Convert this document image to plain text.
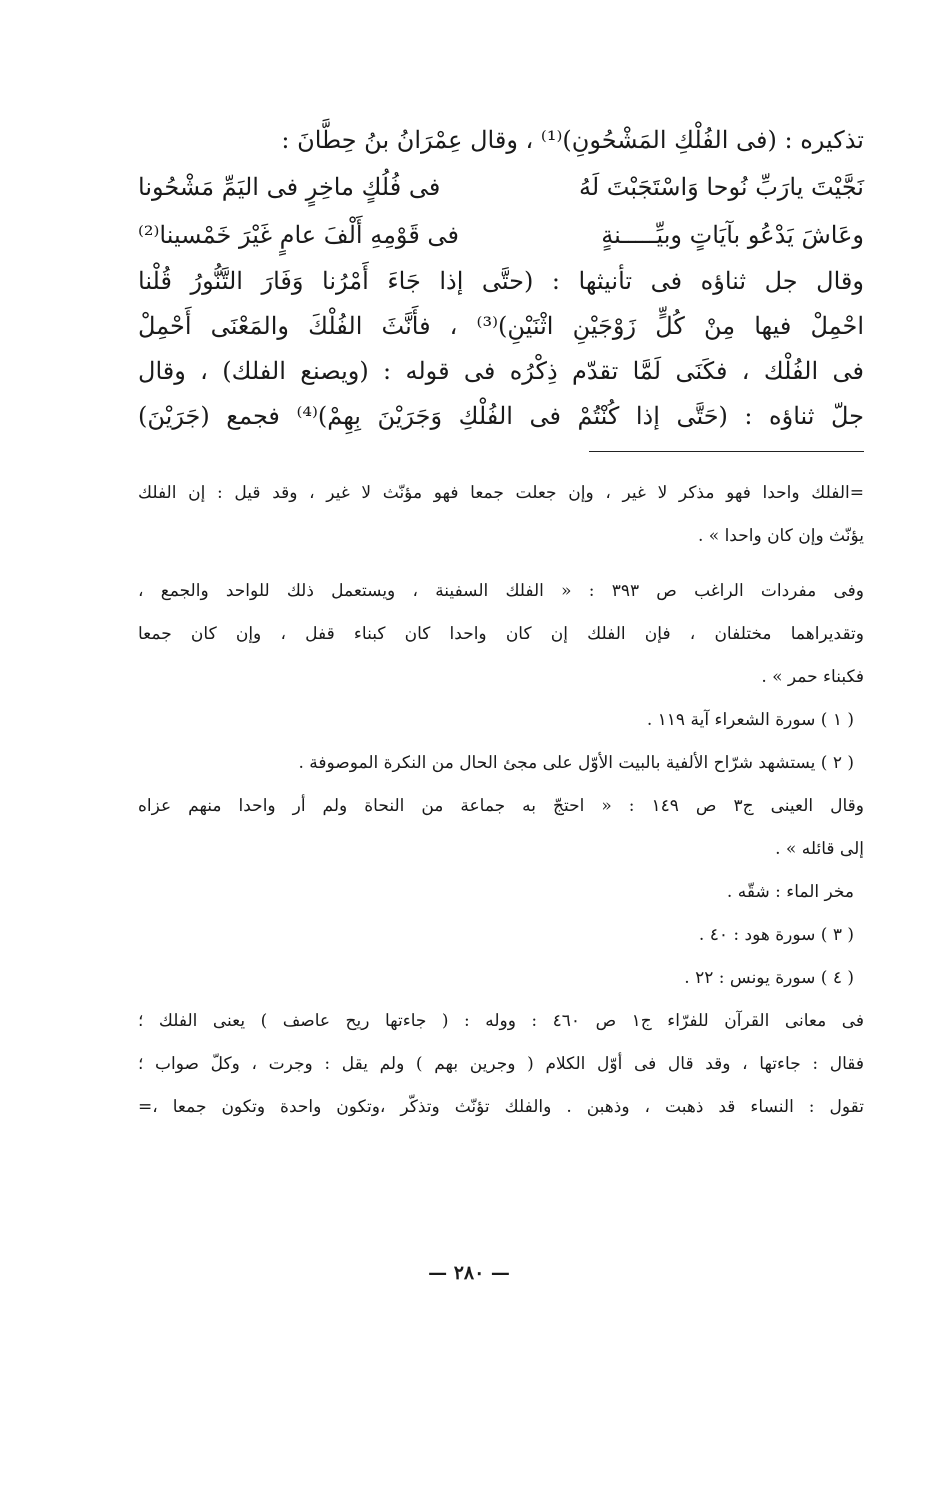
تذكيره : (فى الفُلْكِ المَشْحُونِ)⁽¹⁾ ، وقال عِمْرَانُ بنُ حِطَّانَ :
نَجَّيْتَ يارَبِّ نُوحا وَاسْتَجَبْتَ لَهُ
فى فُلُكٍ ماخِرٍ فى اليَمِّ مَشْحُونا
وعَاشَ يَدْعُو بآيَاتٍ وبيِّـــــنةٍ
فى قَوْمِهِ أَلْفَ عامٍ غَيْرَ خَمْسينا⁽²⁾
وقال جل ثناؤه فى تأنيثها : (حتَّى إذا جَاءَ أَمْرُنا وَفَارَ التَّنُّورُ قُلْنا
احْمِلْ فيها مِنْ كُلٍّ زَوْجَيْنِ اثْنَيْنِ)⁽³⁾ ، فأَنَّثَ الفُلْكَ والمَعْنَى أَحْمِلْ
فى الفُلْك ، فكَنَى لَمَّا تقدّم ذِكْرُه فى قوله : (ويصنع الفلك) ، وقال
جلّ ثناؤه : (حَتَّى إذا كُنْتُمْ فى الفُلْكِ وَجَرَيْنَ بِهِمْ)⁽⁴⁾ فجمع (جَرَيْنَ)
=الفلك واحدا فهو مذكر لا غير ، وإن جعلت جمعا فهو مؤنّث لا غير ، وقد قيل : إن الفلك
يؤنّث وإن كان واحدا » .
وفى مفردات الراغب ص ٣٩٣ : « الفلك السفينة ، ويستعمل ذلك للواحد والجمع ،
وتقديراهما مختلفان ، فإن الفلك إن كان واحدا كان كبناء قفل ، وإن كان جمعا
فكبناء حمر » .
( ١ ) سورة الشعراء آية ١١٩ .
( ٢ ) يستشهد شرّاح الألفية بالبيت الأوّل على مجئ الحال من النكرة الموصوفة .
وقال العينى ج٣ ص ١٤٩ : « احتجّ به جماعة من النحاة ولم أر واحدا منهم عزاه
إلى قائله » .
مخر الماء : شقّه .
( ٣ ) سورة هود : ٤٠ .
( ٤ ) سورة يونس : ٢٢ .
فى معانى القرآن للفرّاء ج١ ص ٤٦٠ : ووله : ( جاءتها ريح عاصف ) يعنى الفلك ؛
فقال : جاءتها ، وقد قال فى أوّل الكلام ( وجرين بهم ) ولم يقل : وجرت ، وكلّ صواب ؛
تقول : النساء قد ذهبت ، وذهبن . والفلك تؤنّث وتذكّر ،وتكون واحدة وتكون جمعا ،=
— ٢٨٠ —
